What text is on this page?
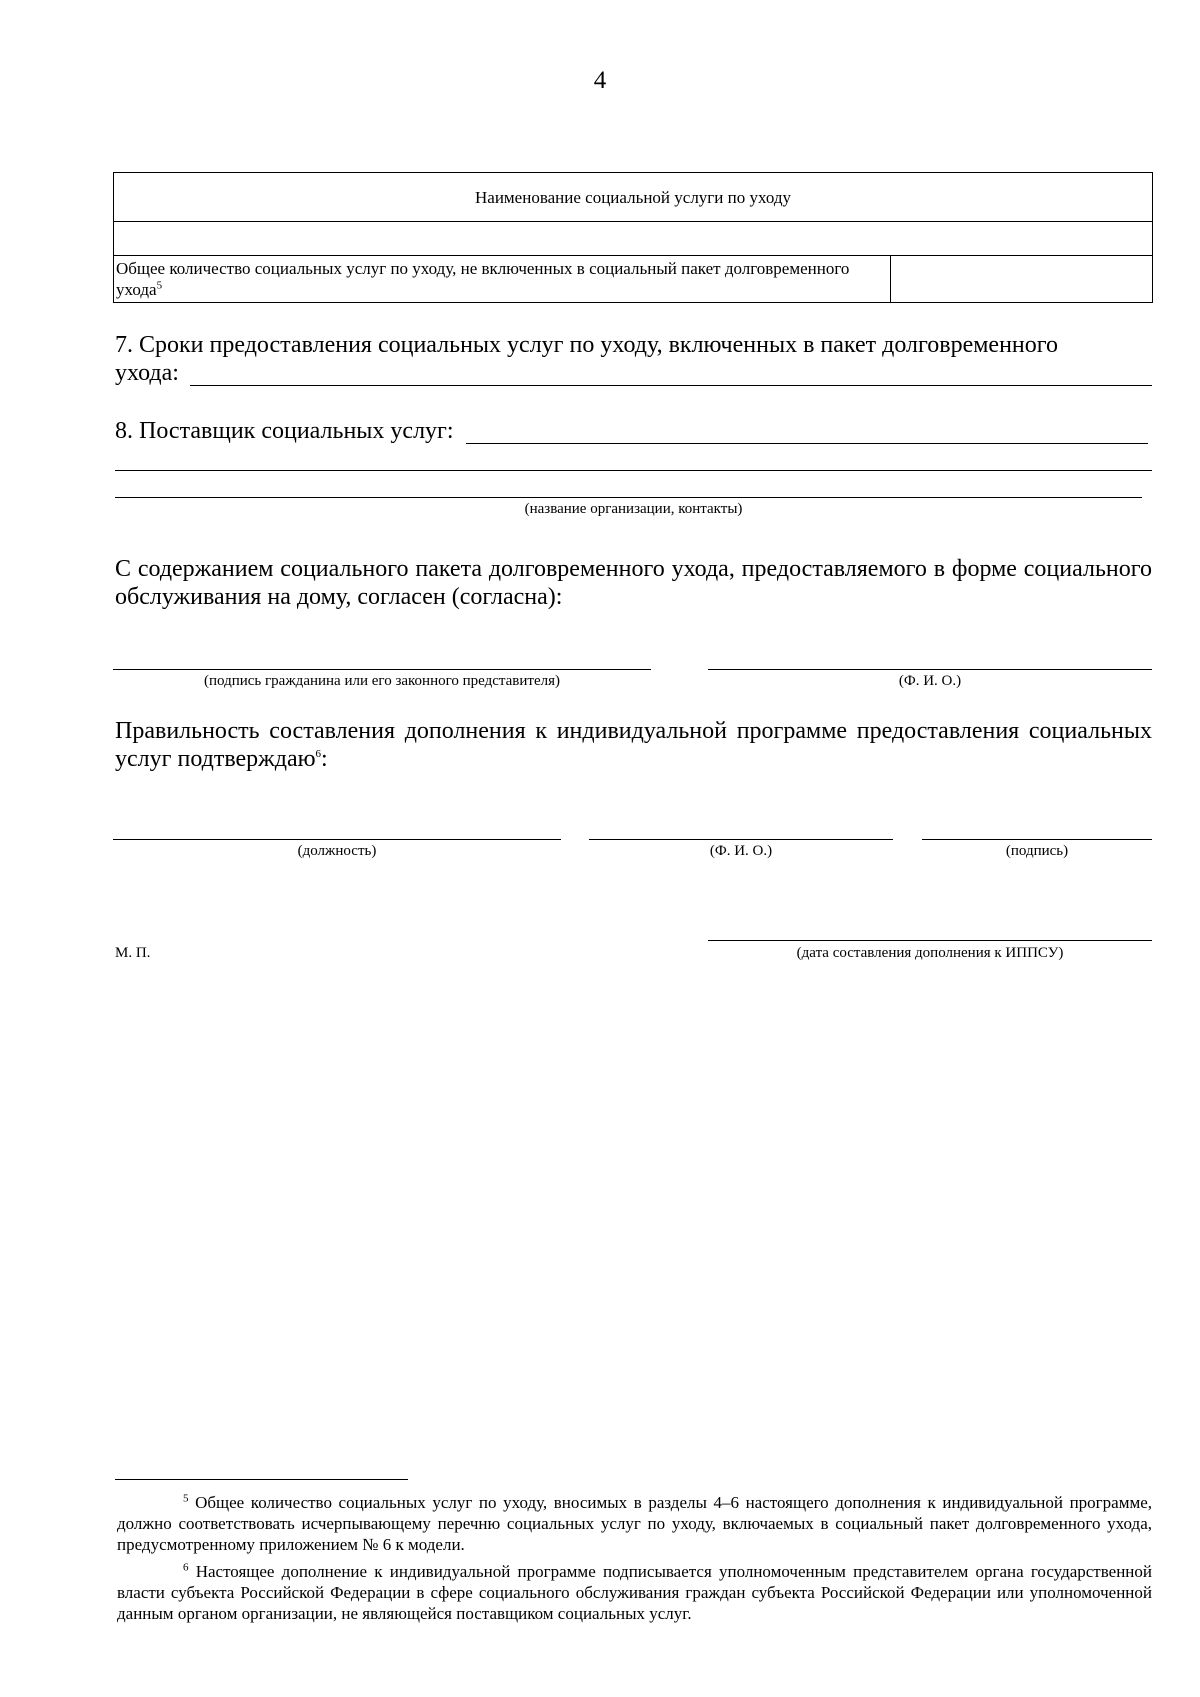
4
Наименование социальной услуги по уходу

Общее количество социальных услуг по уходу, не включенных в социальный пакет долговременного ухода$^5$	
7. Сроки предоставления социальных услуг по уходу, включенных в пакет долговременного
ухода:
8. Поставщик социальных услуг:
(название организации, контакты)
С содержанием социального пакета долговременного ухода, предоставляемого в форме социального обслуживания на дому, согласен (согласна):
(подпись гражданина или его законного представителя)	(Ф. И. О.)
Правильность составления дополнения к индивидуальной программе предоставления социальных услуг подтверждаю$^6$:
(должность)	(Ф. И. О.)	(подпись)
М. П.	(дата составления дополнения к ИППСУ)
$^5$ Общее количество социальных услуг по уходу, вносимых в разделы 4–6 настоящего дополнения к индивидуальной программе, должно соответствовать исчерпывающему перечню социальных услуг по уходу, включаемых в социальный пакет долговременного ухода, предусмотренному приложением № 6 к модели.
$^6$ Настоящее дополнение к индивидуальной программе подписывается уполномоченным представителем органа государственной власти субъекта Российской Федерации в сфере социального обслуживания граждан субъекта Российской Федерации или уполномоченной данным органом организации, не являющейся поставщиком социальных услуг.
